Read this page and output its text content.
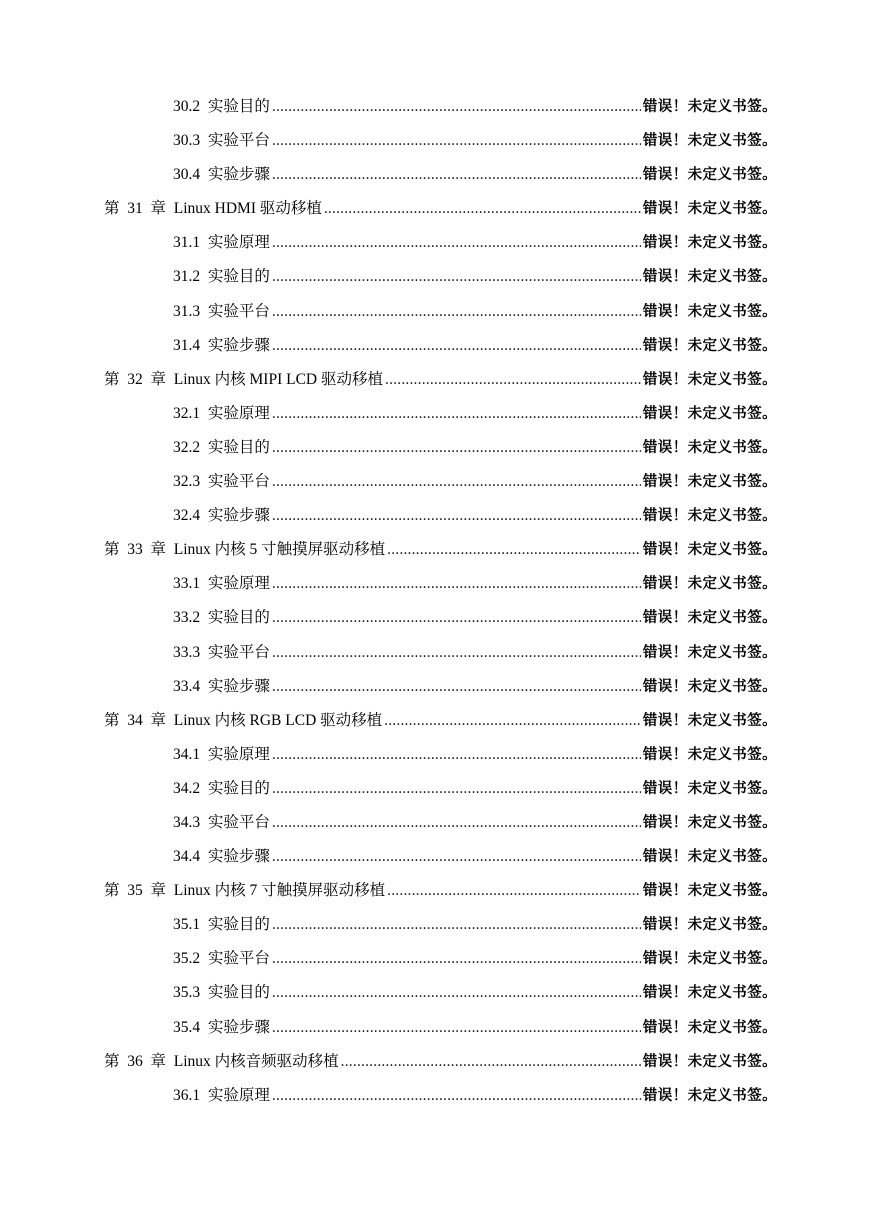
30.2  实验目的 .....	错误！未定义书签。
30.3  实验平台 .....	错误！未定义书签。
30.4  实验步骤 .....	错误！未定义书签。
第  31  章  Linux HDMI 驱动移植 .....	错误！未定义书签。
31.1  实验原理 .....	错误！未定义书签。
31.2  实验目的 .....	错误！未定义书签。
31.3  实验平台 .....	错误！未定义书签。
31.4  实验步骤 .....	错误！未定义书签。
第  32  章  Linux 内核 MIPI LCD 驱动移植 .....	错误！未定义书签。
32.1  实验原理 .....	错误！未定义书签。
32.2  实验目的 .....	错误！未定义书签。
32.3  实验平台 .....	错误！未定义书签。
32.4  实验步骤 .....	错误！未定义书签。
第  33  章  Linux 内核 5 寸触摸屏驱动移植 .....	错误！未定义书签。
33.1  实验原理 .....	错误！未定义书签。
33.2  实验目的 .....	错误！未定义书签。
33.3  实验平台 .....	错误！未定义书签。
33.4  实验步骤 .....	错误！未定义书签。
第  34  章  Linux 内核 RGB LCD 驱动移植 .....	错误！未定义书签。
34.1  实验原理 .....	错误！未定义书签。
34.2  实验目的 .....	错误！未定义书签。
34.3  实验平台 .....	错误！未定义书签。
34.4  实验步骤 .....	错误！未定义书签。
第  35  章  Linux 内核 7 寸触摸屏驱动移植 .....	错误！未定义书签。
35.1  实验目的 .....	错误！未定义书签。
35.2  实验平台 .....	错误！未定义书签。
35.3  实验目的 .....	错误！未定义书签。
35.4  实验步骤 .....	错误！未定义书签。
第  36  章  Linux 内核音频驱动移植 .....	错误！未定义书签。
36.1  实验原理 .....	错误！未定义书签。
